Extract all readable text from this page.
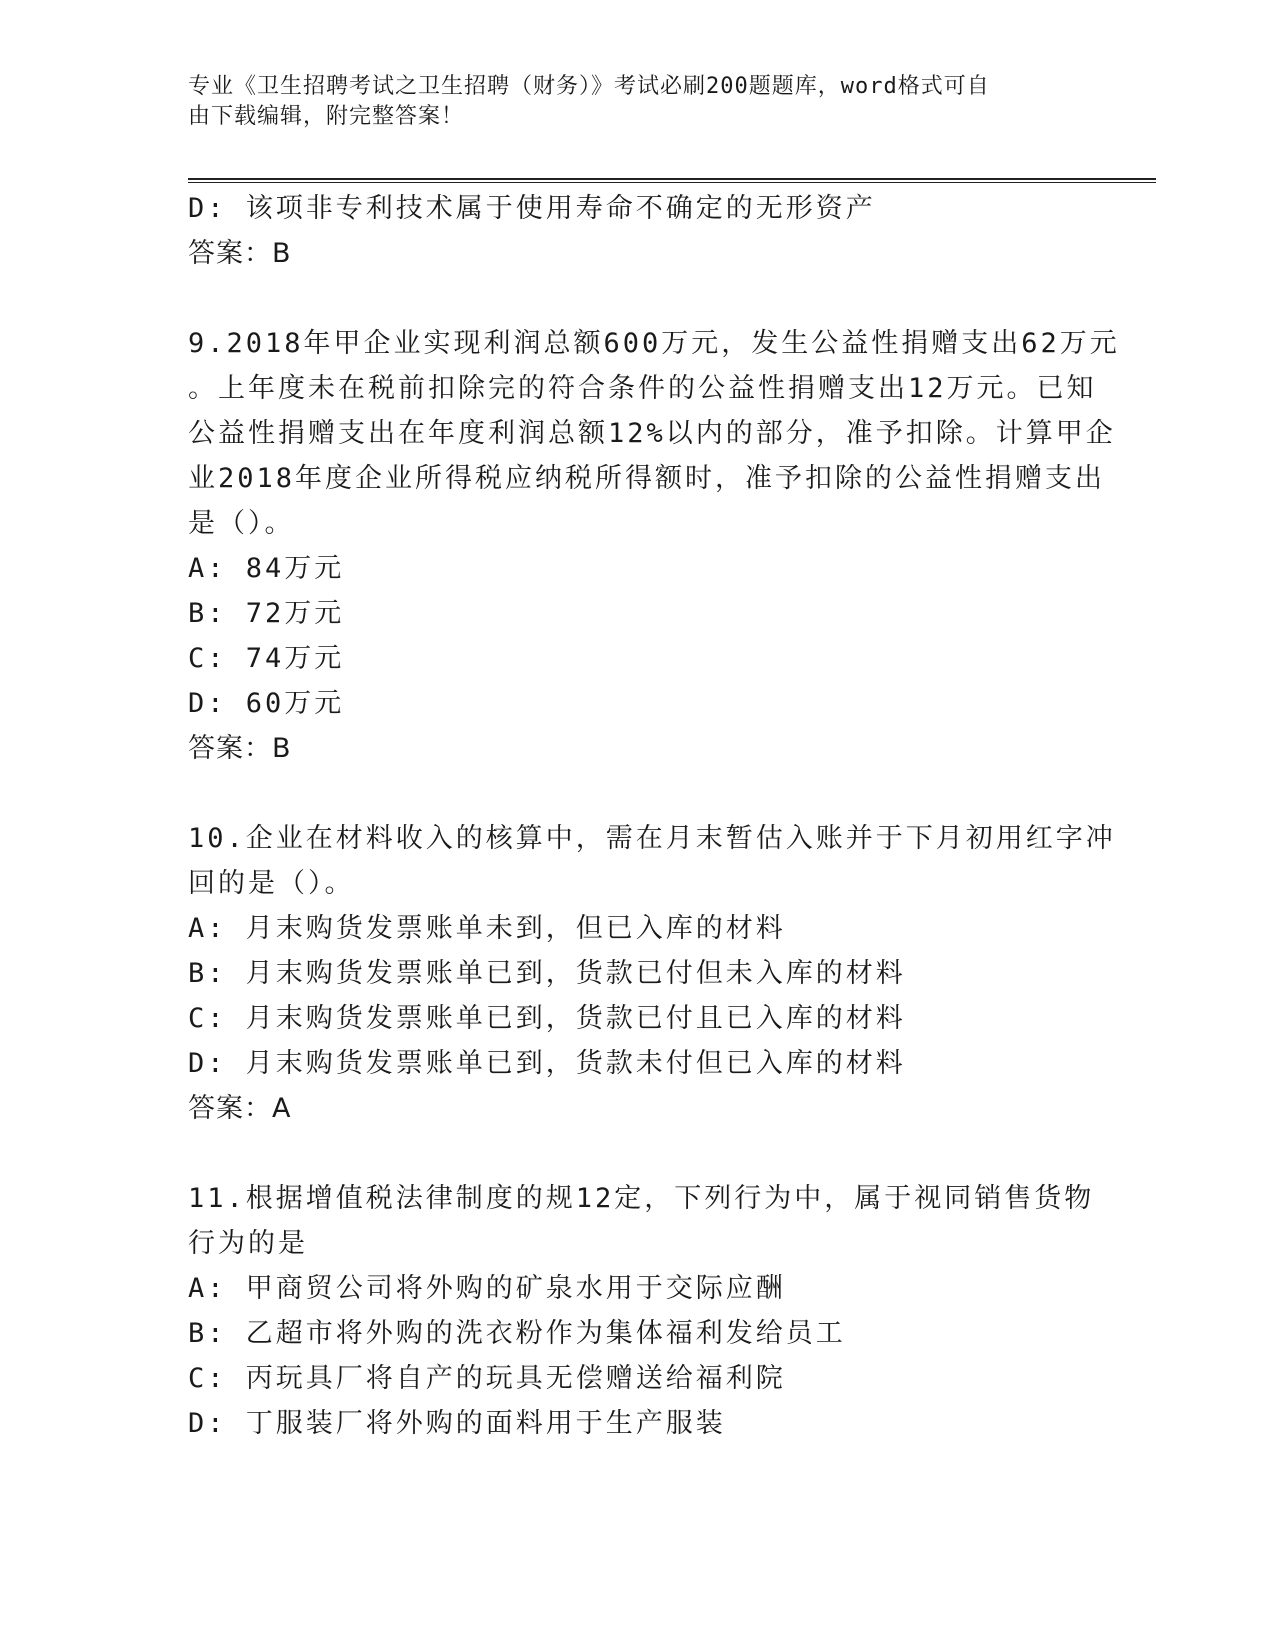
专业《卫生招聘考试之卫生招聘（财务）》考试必刷200题题库，word格式可自
由下载编辑，附完整答案！
D: 该项非专利技术属于使用寿命不确定的无形资产
答案：B
9.2018年甲企业实现利润总额600万元，发生公益性捐赠支出62万元
。上年度未在税前扣除完的符合条件的公益性捐赠支出12万元。已知
公益性捐赠支出在年度利润总额12%以内的部分，准予扣除。计算甲企
业2018年度企业所得税应纳税所得额时，准予扣除的公益性捐赠支出
是（）。
A: 84万元
B: 72万元
C: 74万元
D: 60万元
答案：B
10.企业在材料收入的核算中，需在月末暂估入账并于下月初用红字冲
回的是（）。
A: 月末购货发票账单未到，但已入库的材料
B: 月末购货发票账单已到，货款已付但未入库的材料
C: 月末购货发票账单已到，货款已付且已入库的材料
D: 月末购货发票账单已到，货款未付但已入库的材料
答案：A
11.根据增值税法律制度的规12定，下列行为中，属于视同销售货物
行为的是
A: 甲商贸公司将外购的矿泉水用于交际应酬
B: 乙超市将外购的洗衣粉作为集体福利发给员工
C: 丙玩具厂将自产的玩具无偿赠送给福利院
D: 丁服装厂将外购的面料用于生产服装
